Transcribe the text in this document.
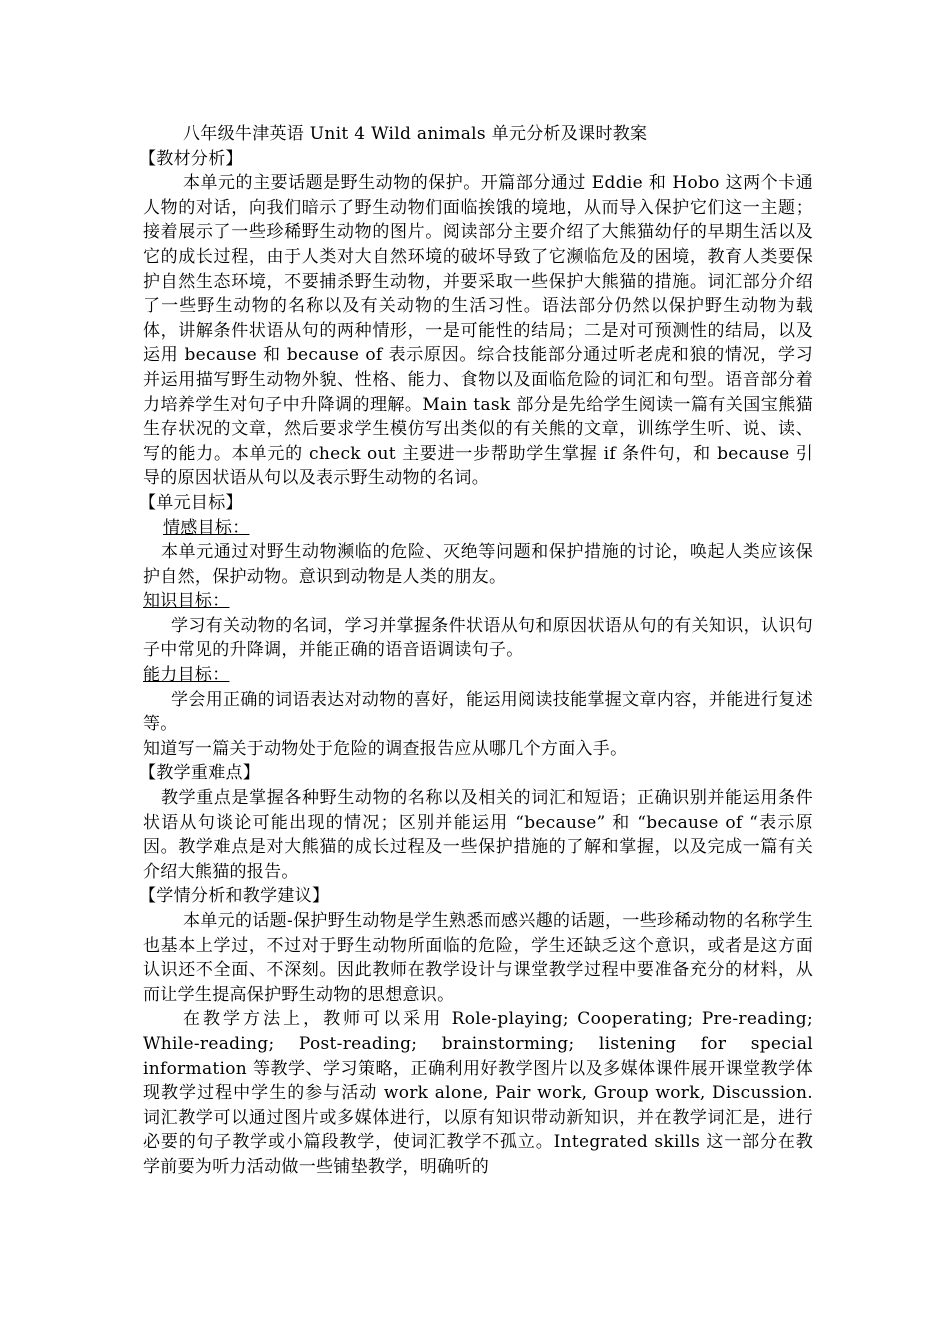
八年级牛津英语 Unit 4 Wild animals 单元分析及课时教案

【教材分析】

本单元的主要话题是野生动物的保护。开篇部分通过 Eddie 和 Hobo 这两个卡通人物的对话，向我们暗示了野生动物们面临挨饿的境地，从而导入保护它们这一主题；接着展示了一些珍稀野生动物的图片。阅读部分主要介绍了大熊猫幼仔的早期生活以及它的成长过程，由于人类对大自然环境的破坏导致了它濒临危及的困境，教育人类要保护自然生态环境，不要捕杀野生动物，并要采取一些保护大熊猫的措施。词汇部分介绍了一些野生动物的名称以及有关动物的生活习性。语法部分仍然以保护野生动物为载体，讲解条件状语从句的两种情形，一是可能性的结局；二是对可预测性的结局，以及运用 because 和 because of 表示原因。综合技能部分通过听老虎和狼的情况，学习并运用描写野生动物外貌、性格、能力、食物以及面临危险的词汇和句型。语音部分着力培养学生对句子中升降调的理解。Main task 部分是先给学生阅读一篇有关国宝熊猫生存状况的文章，然后要求学生模仿写出类似的有关熊的文章，训练学生听、说、读、写的能力。本单元的 check out 主要进一步帮助学生掌握 if 条件句，和 because 引导的原因状语从句以及表示野生动物的名词。

【单元目标】

情感目标：

本单元通过对野生动物濒临的危险、灭绝等问题和保护措施的讨论，唤起人类应该保护自然，保护动物。意识到动物是人类的朋友。

知识目标：

学习有关动物的名词，学习并掌握条件状语从句和原因状语从句的有关知识，认识句子中常见的升降调，并能正确的语音语调读句子。

能力目标：

学会用正确的词语表达对动物的喜好，能运用阅读技能掌握文章内容，并能进行复述等。

知道写一篇关于动物处于危险的调查报告应从哪几个方面入手。

【教学重难点】

教学重点是掌握各种野生动物的名称以及相关的词汇和短语；正确识别并能运用条件状语从句谈论可能出现的情况；区别并能运用 “because” 和 “because of “表示原因。教学难点是对大熊猫的成长过程及一些保护措施的了解和掌握，以及完成一篇有关介绍大熊猫的报告。

【学情分析和教学建议】

本单元的话题-保护野生动物是学生熟悉而感兴趣的话题，一些珍稀动物的名称学生也基本上学过，不过对于野生动物所面临的危险，学生还缺乏这个意识，或者是这方面认识还不全面、不深刻。因此教师在教学设计与课堂教学过程中要准备充分的材料，从而让学生提高保护野生动物的思想意识。

在教学方法上，教师可以采用 Role-playing; Cooperating; Pre-reading; While-reading; Post-reading; brainstorming; listening for special information 等教学、学习策略，正确利用好教学图片以及多媒体课件展开课堂教学体现教学过程中学生的参与活动 work alone, Pair work, Group work, Discussion. 词汇教学可以通过图片或多媒体进行，以原有知识带动新知识，并在教学词汇是，进行必要的句子教学或小篇段教学，使词汇教学不孤立。Integrated skills 这一部分在教学前要为听力活动做一些铺垫教学，明确听的
